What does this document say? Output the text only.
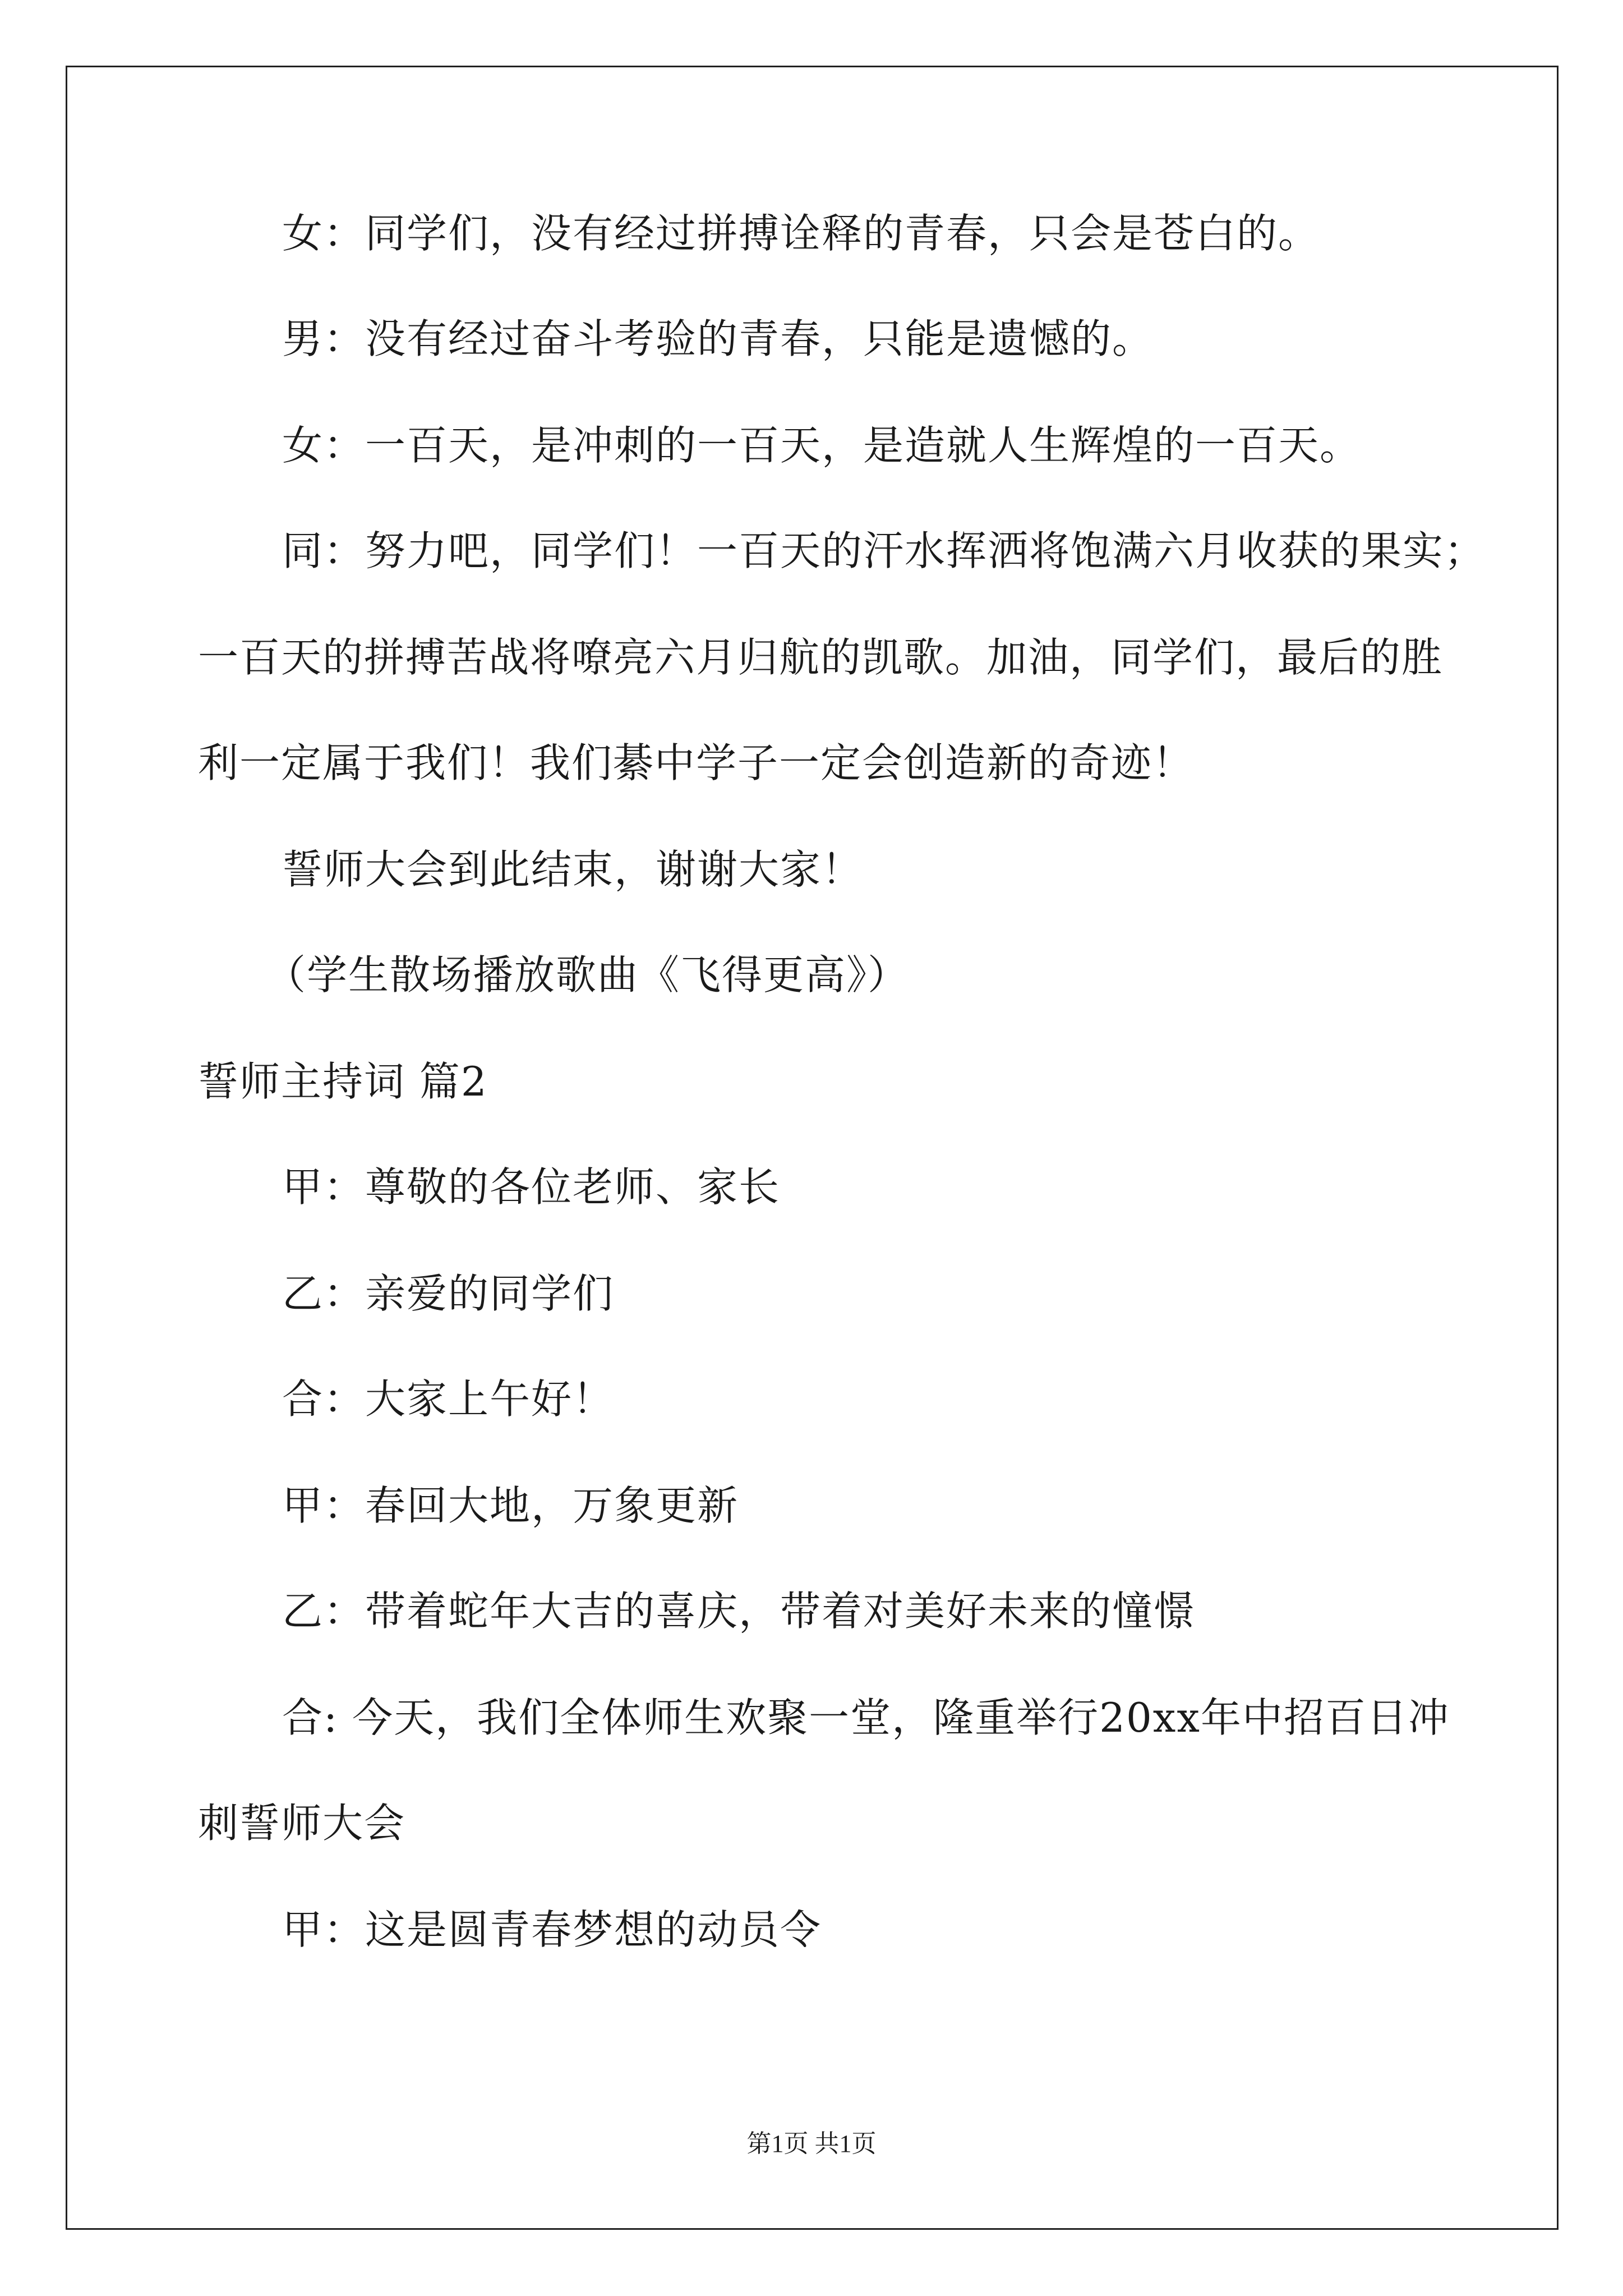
女：同学们，没有经过拼搏诠释的青春，只会是苍白的。
男：没有经过奋斗考验的青春，只能是遗憾的。
女：一百天，是冲刺的一百天，是造就人生辉煌的一百天。
同：努力吧，同学们！一百天的汗水挥洒将饱满六月收获的果实；
一百天的拼搏苦战将嘹亮六月归航的凯歌。加油，同学们，最后的胜
利一定属于我们！我们綦中学子一定会创造新的奇迹！
誓师大会到此结束，谢谢大家！
（学生散场播放歌曲《飞得更高》）
誓师主持词 篇2
甲：尊敬的各位老师、家长
乙：亲爱的同学们
合：大家上午好！
甲：春回大地，万象更新
乙：带着蛇年大吉的喜庆，带着对美好未来的憧憬
合: 今天，我们全体师生欢聚一堂，隆重举行20xx年中招百日冲
刺誓师大会
甲：这是圆青春梦想的动员令
第1页 共1页
